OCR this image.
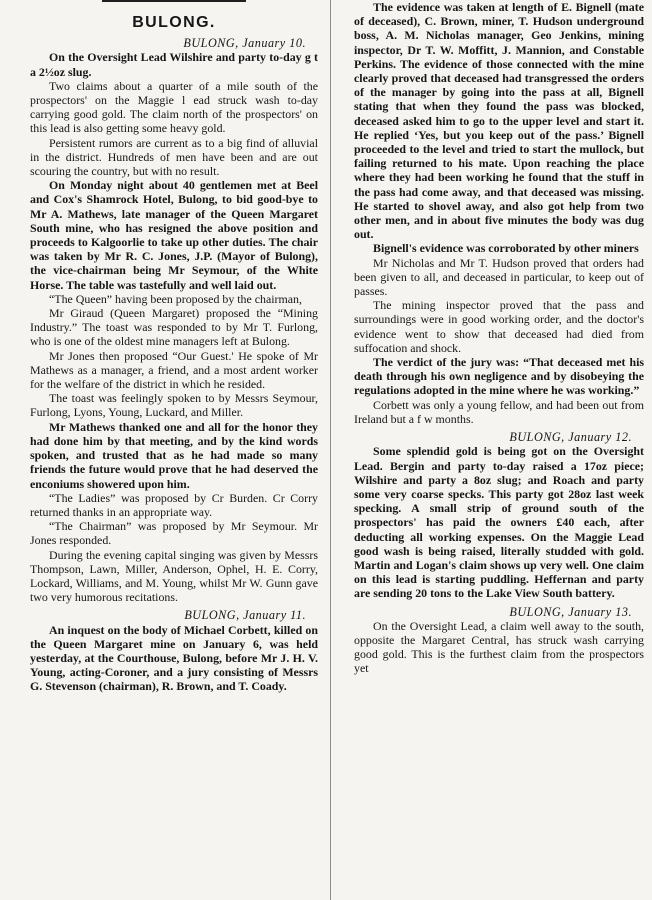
BULONG.
BULONG, January 10.

On the Oversight Lead Wilshire and party to-day g t a 2½oz slug.

Two claims about a quarter of a mile south of the prospectors' on the Maggie l ead struck wash to-day carrying good gold. The claim north of the prospectors' on this lead is also getting some heavy gold.

Persistent rumors are current as to a big find of alluvial in the district. Hundreds of men have been and are out scouring the country, but with no result.

On Monday night about 40 gentlemen met at Beel and Cox's Shamrock Hotel, Bulong, to bid good-bye to Mr A. Mathews, late manager of the Queen Margaret South mine, who has resigned the above position and proceeds to Kalgoorlie to take up other duties. The chair was taken by Mr R. C. Jones, J.P. (Mayor of Bulong), the vice-chairman being Mr Seymour, of the White Horse. The table was tastefully and well laid out.

“The Queen” having been proposed by the chairman,

Mr Giraud (Queen Margaret) proposed the “Mining Industry.” The toast was responded to by Mr T. Furlong, who is one of the oldest mine managers left at Bulong.

Mr Jones then proposed “Our Guest.' He spoke of Mr Mathews as a manager, a friend, and a most ardent worker for the welfare of the district in which he resided.

The toast was feelingly spoken to by Messrs Seymour, Furlong, Lyons, Young, Luckard, and Miller.

Mr Mathews thanked one and all for the honor they had done him by that meeting, and by the kind words spoken, and trusted that as he had made so many friends the future would prove that he had deserved the enconiums showered upon him.

“The Ladies” was proposed by Cr Burden. Cr Corry returned thanks in an appropriate way.

“The Chairman” was proposed by Mr Seymour. Mr Jones responded.

During the evening capital singing was given by Messrs Thompson, Lawn, Miller, Anderson, Ophel, H. E. Corry, Lockard, Williams, and M. Young, whilst Mr W. Gunn gave two very humorous recitations.

BULONG, January 11.

An inquest on the body of Michael Corbett, killed on the Queen Margaret mine on January 6, was held yesterday, at the Courthouse, Bulong, before Mr J. H. V. Young, acting-Coroner, and a jury consisting of Messrs G. Stevenson (chairman), R. Brown, and T. Coady.

The evidence was taken at length of E. Bignell (mate of deceased), C. Brown, miner, T. Hudson underground boss, A. M. Nicholas manager, Geo Jenkins, mining inspector, Dr T. W. Moffitt, J. Mannion, and Constable Perkins. The evidence of those connected with the mine clearly proved that deceased had transgressed the orders of the manager by going into the pass at all, Bignell stating that when they found the pass was blocked, deceased asked him to go to the upper level and start it. He replied ‘Yes, but you keep out of the pass.’ Bignell proceeded to the level and tried to start the mullock, but failing returned to his mate. Upon reaching the place where they had been working he found that the stuff in the pass had come away, and that deceased was missing. He started to shovel away, and also got help from two other men, and in about five minutes the body was dug out.

Bignell's evidence was corroborated by other miners

Mr Nicholas and Mr T. Hudson proved that orders had been given to all, and deceased in particular, to keep out of passes.

The mining inspector proved that the pass and surroundings were in good working order, and the doctor's evidence went to show that deceased had died from suffocation and shock.

The verdict of the jury was: “That deceased met his death through his own negligence and by disobeying the regulations adopted in the mine where he was working.”

Corbett was only a young fellow, and had been out from Ireland but a f w months.

BULONG, January 12.

Some splendid gold is being got on the Oversight Lead. Bergin and party to-day raised a 17oz piece; Wilshire and party a 8oz slug; and Roach and party some very coarse specks. This party got 28oz last week specking. A small strip of ground south of the prospectors' has paid the owners £40 each, after deducting all working expenses. On the Maggie Lead good wash is being raised, literally studded with gold. Martin and Logan's claim shows up very well. One claim on this lead is starting puddling. Heffernan and party are sending 20 tons to the Lake View South battery.

BULONG, January 13.

On the Oversight Lead, a claim well away to the south, opposite the Margaret Central, has struck wash carrying good gold. This is the furthest claim from the prospectors yet
